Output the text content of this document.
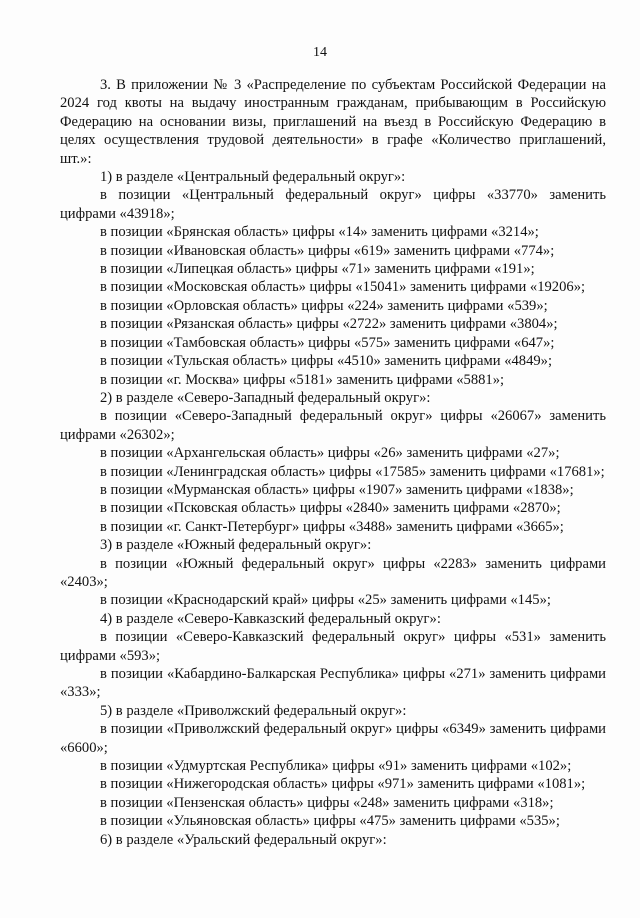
14

3. В приложении № 3 «Распределение по субъектам Российской Федерации на 2024 год квоты на выдачу иностранным гражданам, прибывающим в Российскую Федерацию на основании визы, приглашений на въезд в Российскую Федерацию в целях осуществления трудовой деятельности» в графе «Количество приглашений, шт.»:

1) в разделе «Центральный федеральный округ»:

в позиции «Центральный федеральный округ» цифры «33770» заменить цифрами «43918»;

в позиции «Брянская область» цифры «14» заменить цифрами «3214»;

в позиции «Ивановская область» цифры «619» заменить цифрами «774»;

в позиции «Липецкая область» цифры «71» заменить цифрами «191»;

в позиции «Московская область» цифры «15041» заменить цифрами «19206»;

в позиции «Орловская область» цифры «224» заменить цифрами «539»;

в позиции «Рязанская область» цифры «2722» заменить цифрами «3804»;

в позиции «Тамбовская область» цифры «575» заменить цифрами «647»;

в позиции «Тульская область» цифры «4510» заменить цифрами «4849»;

в позиции «г. Москва» цифры «5181» заменить цифрами «5881»;

2) в разделе «Северо-Западный федеральный округ»:

в позиции «Северо-Западный федеральный округ» цифры «26067» заменить цифрами «26302»;

в позиции «Архангельская область» цифры «26» заменить цифрами «27»;

в позиции «Ленинградская область» цифры «17585» заменить цифрами «17681»;

в позиции «Мурманская область» цифры «1907» заменить цифрами «1838»;

в позиции «Псковская область» цифры «2840» заменить цифрами «2870»;

в позиции «г. Санкт-Петербург» цифры «3488» заменить цифрами «3665»;

3) в разделе «Южный федеральный округ»:

в позиции «Южный федеральный округ» цифры «2283» заменить цифрами «2403»;

в позиции «Краснодарский край» цифры «25» заменить цифрами «145»;

4) в разделе «Северо-Кавказский федеральный округ»:

в позиции «Северо-Кавказский федеральный округ» цифры «531» заменить цифрами «593»;

в позиции «Кабардино-Балкарская Республика» цифры «271» заменить цифрами «333»;

5) в разделе «Приволжский федеральный округ»:

в позиции «Приволжский федеральный округ» цифры «6349» заменить цифрами «6600»;

в позиции «Удмуртская Республика» цифры «91» заменить цифрами «102»;

в позиции «Нижегородская область» цифры «971» заменить цифрами «1081»;

в позиции «Пензенская область» цифры «248» заменить цифрами «318»;

в позиции «Ульяновская область» цифры «475» заменить цифрами «535»;

6) в разделе «Уральский федеральный округ»:
